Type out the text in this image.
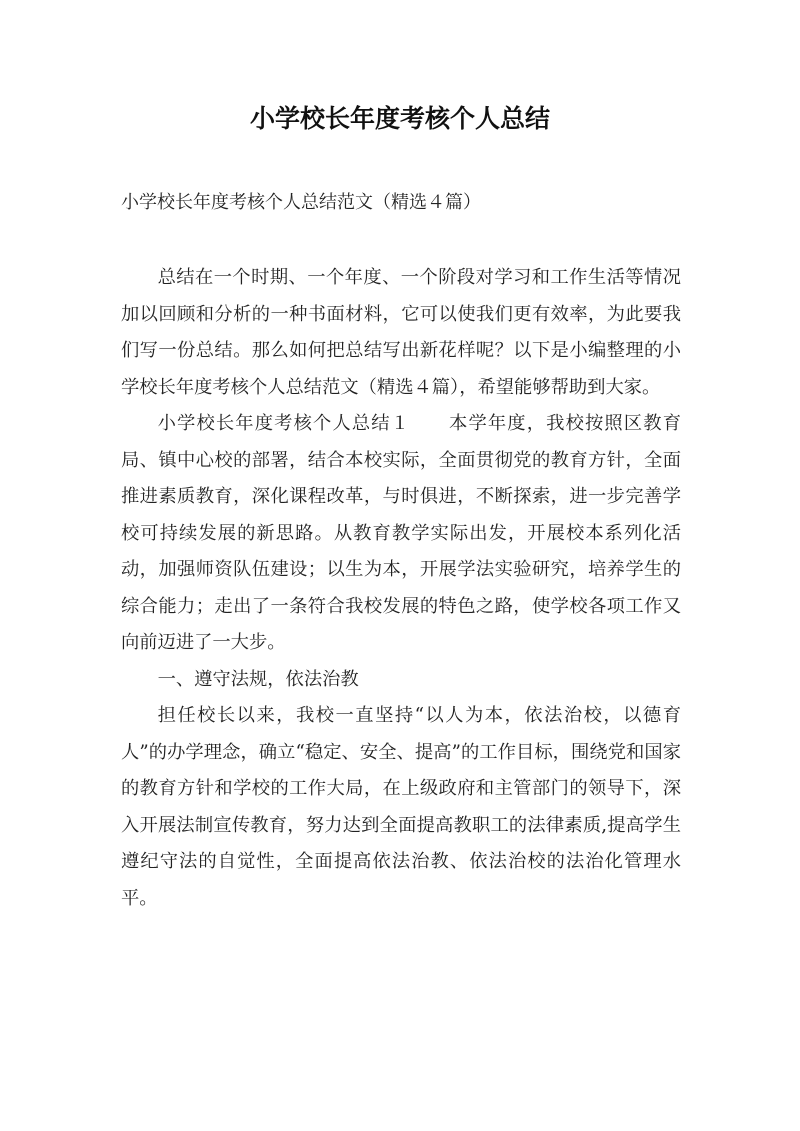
小学校长年度考核个人总结
小学校长年度考核个人总结范文（精选４篇）

总结在一个时期、一个年度、一个阶段对学习和工作生活等情况加以回顾和分析的一种书面材料，它可以使我们更有效率，为此要我们写一份总结。那么如何把总结写出新花样呢？以下是小编整理的小学校长年度考核个人总结范文（精选４篇），希望能够帮助到大家。

小学校长年度考核个人总结１　　本学年度，我校按照区教育局、镇中心校的部署，结合本校实际，全面贯彻党的教育方针，全面推进素质教育，深化课程改革，与时俱进，不断探索，进一步完善学校可持续发展的新思路。从教育教学实际出发，开展校本系列化活动，加强师资队伍建设；以生为本，开展学法实验研究，培养学生的综合能力；走出了一条符合我校发展的特色之路，使学校各项工作又向前迈进了一大步。

一、遵守法规，依法治教

担任校长以来，我校一直坚持“以人为本，依法治校，以德育人”的办学理念，确立“稳定、安全、提高”的工作目标，围绕党和国家的教育方针和学校的工作大局，在上级政府和主管部门的领导下，深入开展法制宣传教育，努力达到全面提高教职工的法律素质,提高学生遵纪守法的自觉性，全面提高依法治教、依法治校的法治化管理水平。
